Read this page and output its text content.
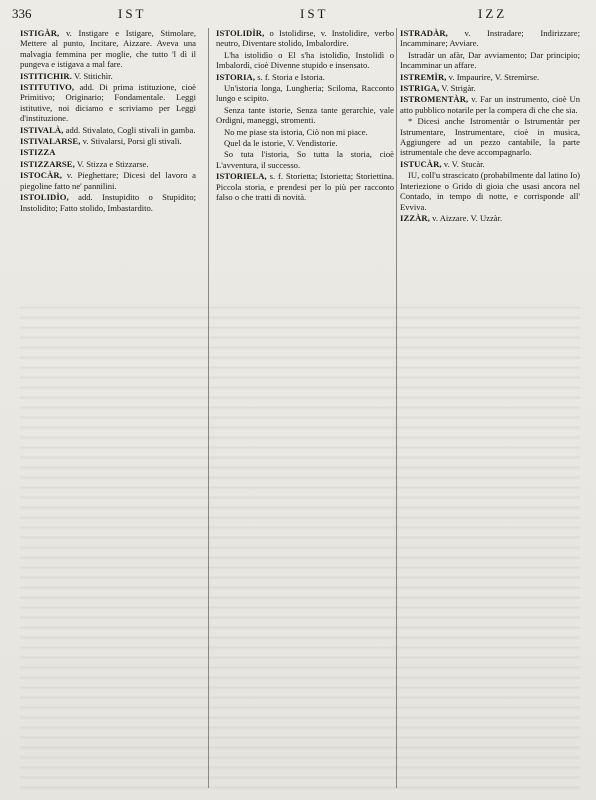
336	IST	IST	IZZ
ISTIGÀR, v. Instigare e Istigare, Stimolare, Mettere al punto, Incitare, Aizzare. Aveva una malvagia femmina per moglie, che tutto 'l dì il pungeva e istigava a mal fare.
ISTITICHIR. V. Stitichìr.
ISTITUTIVO, add. Di prima istituzione, cioè Primitivo; Originario; Fondamentale. Leggi istitutive, noi diciamo e scriviamo per Leggi d'instituzione.
ISTIVALÀ, add. Stivalato, Cogli stivali in gamba.
ISTIVALARSE, v. Stivalarsi, Porsi gli stivali.
ISTIZZA
ISTIZZARSE, V. Stizza e Stizzarse.
ISTOCÀR, v. Pieghettare; Dicesi del lavoro a piegoline fatto ne' pannilini.
ISTOLIDÌO, add. Instupidito o Stupidito; Instolidito; Fatto stolido, Imbastardito.
ISTOLIDÌR, o Istolidirse, v. Instolidire, verbo neutro, Diventare stolido, Imbalordire.
L'ha istolidìo o El s'ha istolidìo, Instolidì o Imbalordì, cioè Divenne stupido e insensato.
ISTORIA, s. f. Storia e Istoria.
Un'istoria longa, Lungheria; Sciloma, Racconto lungo e scipito.
Senza tante istorie, Senza tante gerarchie, vale Ordigni, maneggi, stromenti.
No me piase sta istoria, Ciò non mi piace.
Quel da le istorie, V. Vendistorie.
So tuta l'istoria, So tutta la storia, cioè L'avventura, il successo.
ISTORIELA, s. f. Storietta; Istorietta; Storiettina. Piccola storia, e prendesi per lo più per racconto falso o che tratti di novità.
ISTRADÀR, v. Instradare; Indirizzare; Incamminare; Avviare.
Istradàr un afàr, Dar avviamento; Dar principio; Incamminar un affare.
ISTREMÌR, v. Impaurire, V. Stremìrse.
ISTRIGA, V. Strigàr.
ISTROMENTÀR, v. Far un instrumento, cioè Un atto pubblico notarile per la compera di che che sia.
* Dicesi anche Istromentàr o Istrumentàr per Istrumentare, Instrumentare, cioè in musica, Aggiungere ad un pezzo cantabile, la parte istrumentale che deve accompagnarlo.
ISTUCÀR, v. V. Stucàr.
IU, coll'u strascicato (probabilmente dal latino Io) Interiezione o Grido di gioia che usasi ancora nel Contado, in tempo di notte, e corrisponde all' Evviva.
IZZÀR, v. Aizzare. V. Uzzàr.
